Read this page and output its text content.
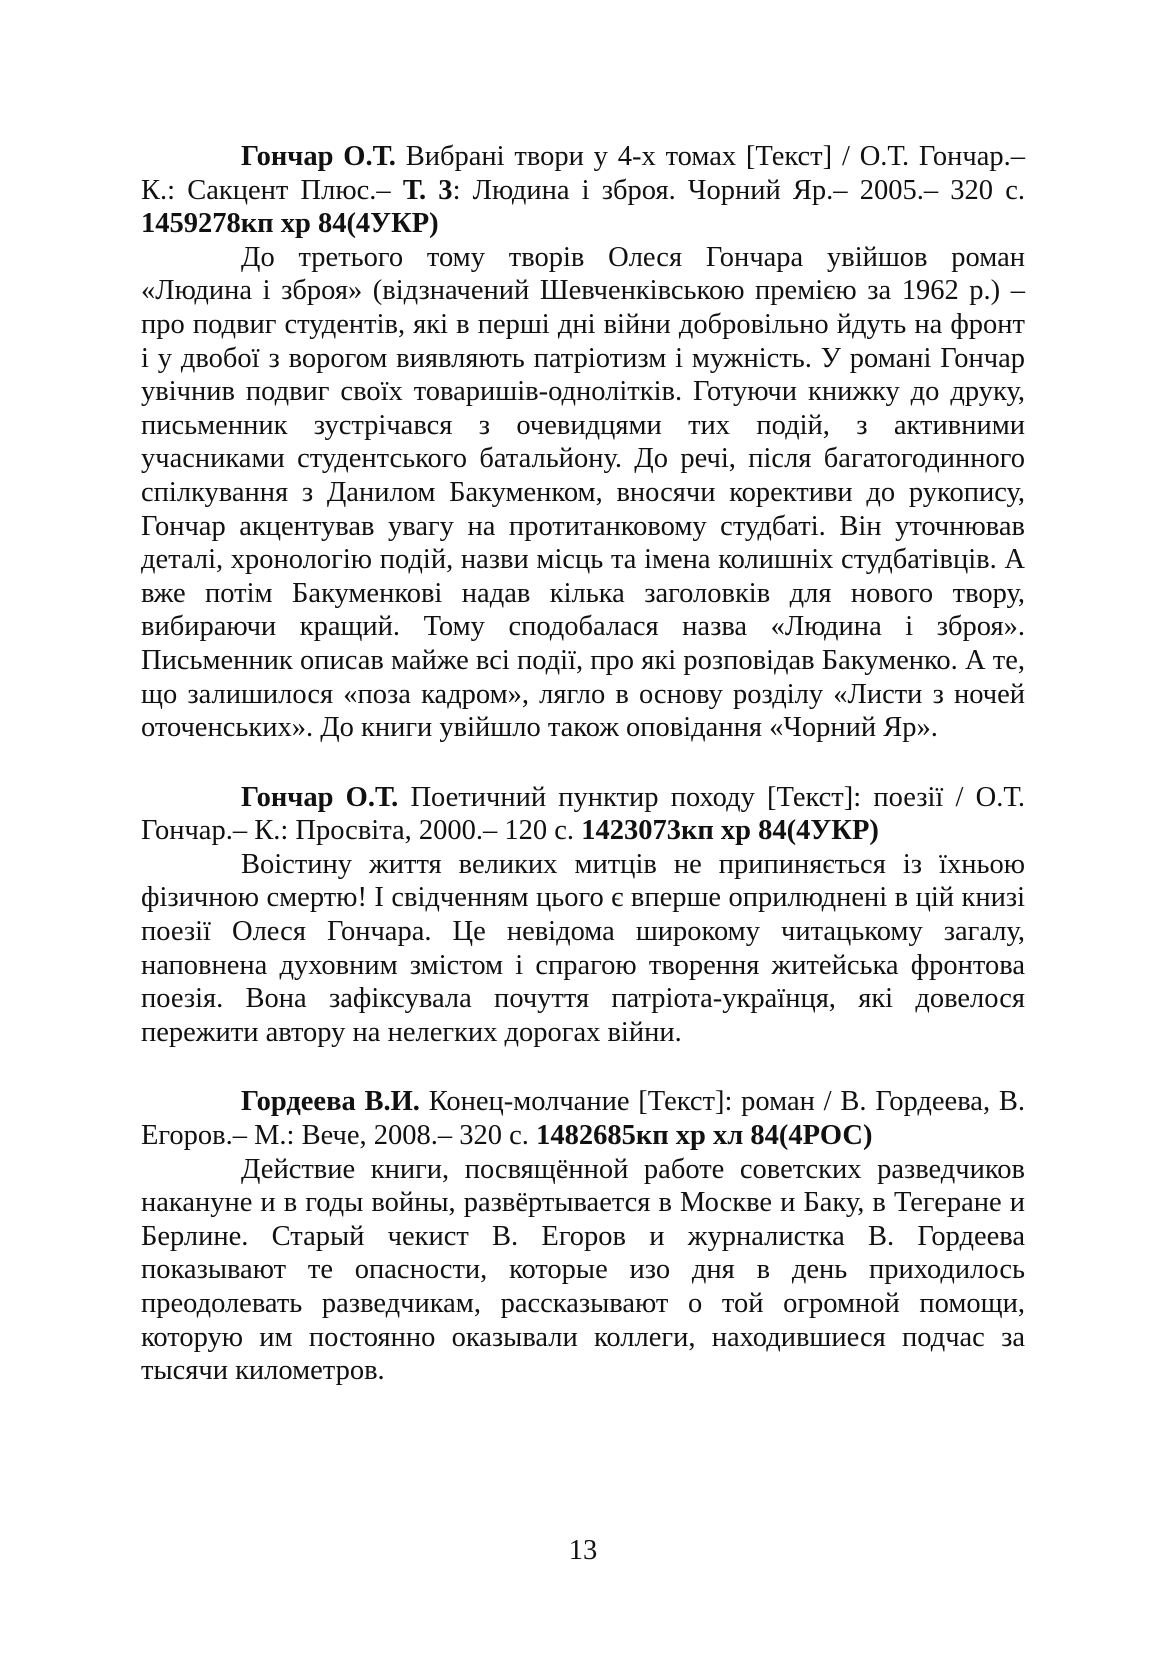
Гончар О.Т. Вибрані твори у 4-х томах [Текст] / О.Т. Гончар.– К.: Сакцент Плюс.– Т. 3: Людина і зброя. Чорний Яр.– 2005.– 320 с. 1459278кп хр 84(4УКР)

До третього тому творів Олеся Гончара увійшов роман «Людина і зброя» (відзначений Шевченківською премією за 1962 р.) – про подвиг студентів, які в перші дні війни добровільно йдуть на фронт і у двобої з ворогом виявляють патріотизм і мужність. У романі Гончар увічнив подвиг своїх товаришів-однолітків. Готуючи книжку до друку, письменник зустрічався з очевидцями тих подій, з активними учасниками студентського батальйону. До речі, після багатогодинного спілкування з Данилом Бакуменком, вносячи корективи до рукопису, Гончар акцентував увагу на протитанковому студбаті. Він уточнював деталі, хронологію подій, назви місць та імена колишніх студбатівців. А вже потім Бакуменкові надав кілька заголовків для нового твору, вибираючи кращий. Тому сподобалася назва «Людина і зброя». Письменник описав майже всі події, про які розповідав Бакуменко. А те, що залишилося «поза кадром», лягло в основу розділу «Листи з ночей оточенських». До книги увійшло також оповідання «Чорний Яр».

Гончар О.Т. Поетичний пунктир походу [Текст]: поезії / О.Т. Гончар.– К.: Просвіта, 2000.– 120 с. 1423073кп хр 84(4УКР)

Воістину життя великих митців не припиняється із їхньою фізичною смертю! І свідченням цього є вперше оприлюднені в цій книзі поезії Олеся Гончара. Це невідома широкому читацькому загалу, наповнена духовним змістом і спрагою творення житейська фронтова поезія. Вона зафіксувала почуття патріота-українця, які довелося пережити автору на нелегких дорогах війни.

Гордеева В.И. Конец-молчание [Текст]: роман / В. Гордеева, В. Егоров.– М.: Вече, 2008.– 320 с. 1482685кп хр хл 84(4РОС)

Действие книги, посвящённой работе советских разведчиков накануне и в годы войны, развёртывается в Москве и Баку, в Тегеране и Берлине. Старый чекист В. Егоров и журналистка В. Гордеева показывают те опасности, которые изо дня в день приходилось преодолевать разведчикам, рассказывают о той огромной помощи, которую им постоянно оказывали коллеги, находившиеся подчас за тысячи километров.

13
